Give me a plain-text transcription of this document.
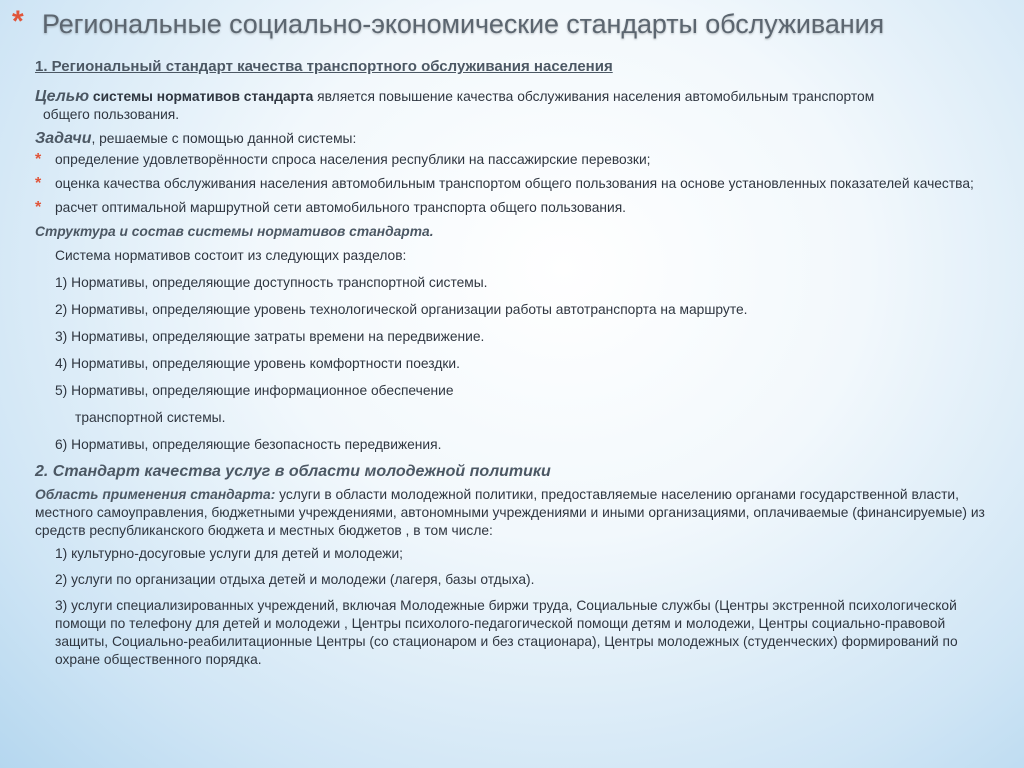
* Региональные социально-экономические стандарты обслуживания
1. Региональный стандарт качества транспортного обслуживания населения
Целью системы нормативов стандарта является повышение качества обслуживания населения автомобильным транспортом
общего пользования.
Задачи, решаемые с помощью данной системы:
* определение удовлетворённости спроса населения республики на пассажирские перевозки;
* оценка качества обслуживания населения автомобильным транспортом общего пользования на основе установленных показателей качества;
* расчет оптимальной маршрутной сети автомобильного транспорта общего пользования.
Структура и состав системы нормативов стандарта.
Система нормативов состоит из следующих разделов:
1) Нормативы, определяющие доступность транспортной системы.
2) Нормативы, определяющие уровень технологической организации работы автотранспорта на маршруте.
3) Нормативы, определяющие затраты времени на передвижение.
4) Нормативы, определяющие уровень комфортности поездки.
5) Нормативы, определяющие информационное обеспечение
транспортной системы.
6) Нормативы, определяющие безопасность передвижения.
2. Стандарт качества услуг в области молодежной политики
Область применения стандарта: услуги в области молодежной политики, предоставляемые населению органами государственной власти, местного самоуправления, бюджетными учреждениями, автономными учреждениями и иными организациями, оплачиваемые (финансируемые) из средств республиканского бюджета и местных бюджетов , в том числе:
1) культурно-досуговые услуги для детей и молодежи;
2) услуги по организации отдыха детей и молодежи (лагеря, базы отдыха).
3) услуги специализированных учреждений, включая Молодежные биржи труда, Социальные службы (Центры экстренной психологической помощи по телефону для детей и молодежи , Центры психолого-педагогической помощи детям и молодежи, Центры социально-правовой защиты, Социально-реабилитационные Центры (со стационаром и без стационара), Центры молодежных (студенческих) формирований по охране общественного порядка.
